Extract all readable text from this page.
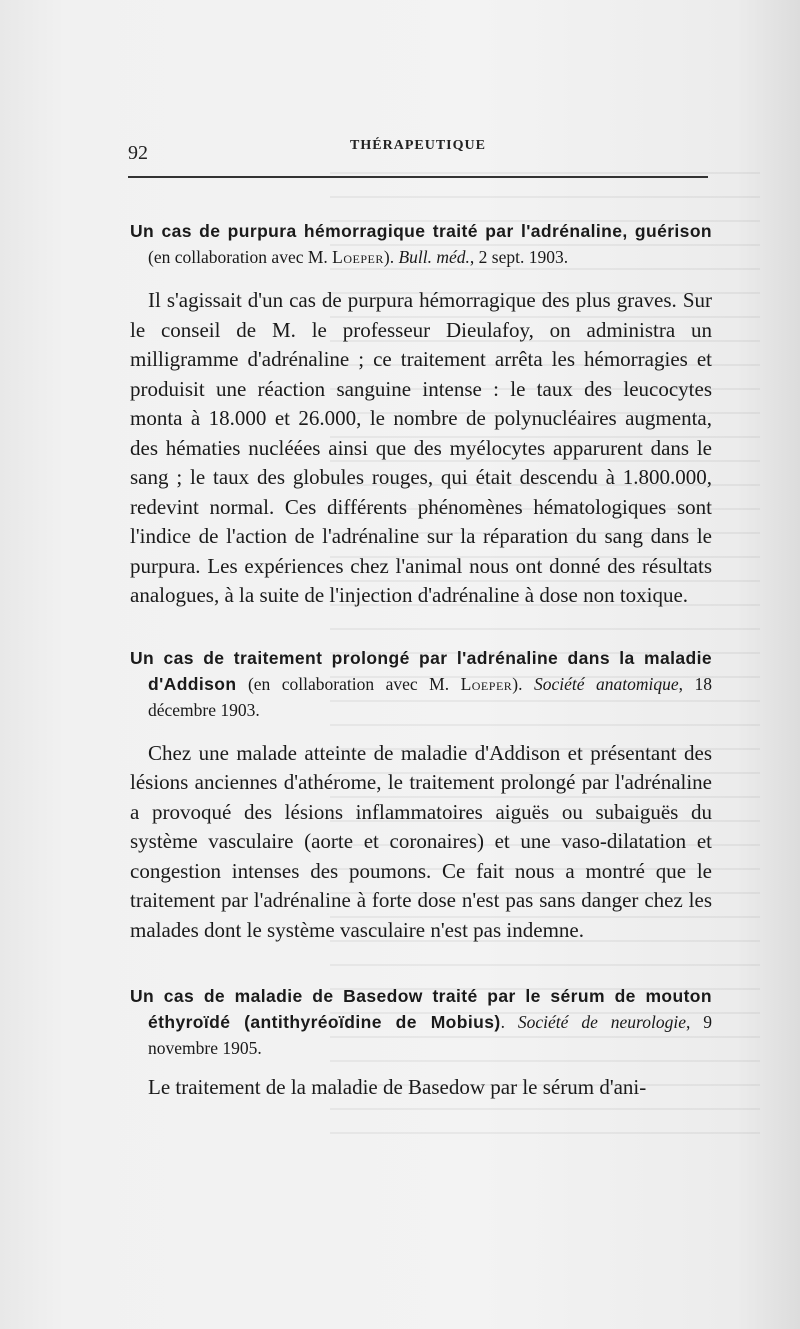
92	THÉRAPEUTIQUE
Un cas de purpura hémorragique traité par l'adrénaline, guérison (en collaboration avec M. Loeper). Bull. méd., 2 sept. 1903.

Il s'agissait d'un cas de purpura hémorragique des plus graves. Sur le conseil de M. le professeur Dieulafoy, on administra un milligramme d'adrénaline ; ce traitement arrêta les hémorragies et produisit une réaction sanguine intense : le taux des leucocytes monta à 18.000 et 26.000, le nombre de polynucléaires augmenta, des hématies nucléées ainsi que des myélocytes apparurent dans le sang ; le taux des globules rouges, qui était descendu à 1.800.000, redevint normal. Ces différents phénomènes hématologiques sont l'indice de l'action de l'adrénaline sur la réparation du sang dans le purpura. Les expériences chez l'animal nous ont donné des résultats analogues, à la suite de l'injection d'adrénaline à dose non toxique.

Un cas de traitement prolongé par l'adrénaline dans la maladie d'Addison (en collaboration avec M. Loeper). Société anatomique, 18 décembre 1903.

Chez une malade atteinte de maladie d'Addison et présentant des lésions anciennes d'athérome, le traitement prolongé par l'adrénaline a provoqué des lésions inflammatoires aiguës ou subaiguës du système vasculaire (aorte et coronaires) et une vaso-dilatation et congestion intenses des poumons. Ce fait nous a montré que le traitement par l'adrénaline à forte dose n'est pas sans danger chez les malades dont le système vasculaire n'est pas indemne.

Un cas de maladie de Basedow traité par le sérum de mouton éthyroïdé (antithyréoïdine de Mobius). Société de neurologie, 9 novembre 1905.

Le traitement de la maladie de Basedow par le sérum d'ani-
